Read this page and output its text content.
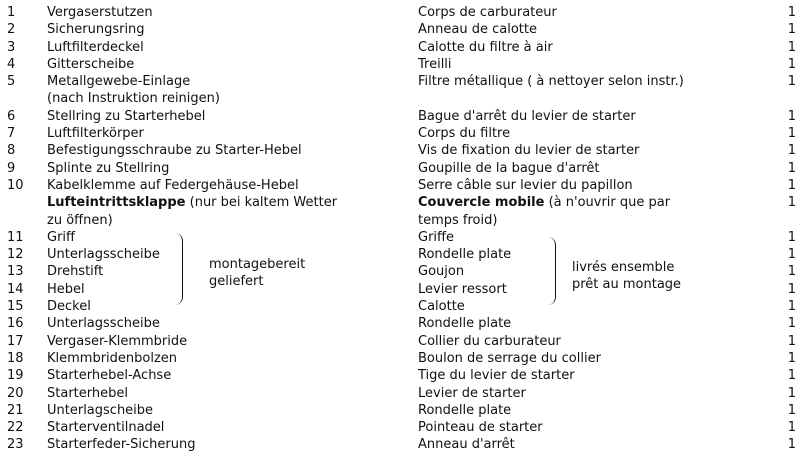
1
2
3
4
5
6
7
8
9
10
11
12
13
14
15
16
17
18
19
20
21
22
23
Vergaserstutzen
Sicherungsring
Luftfilterdeckel
Gitterscheibe
Metallgewebe-Einlage
(nach Instruktion reinigen)
Stellring zu Starterhebel
Luftfilterkörper
Befestigungsschraube zu Starter-Hebel
Splinte zu Stellring
Kabelklemme auf Federgehäuse-Hebel
Lufteintrittsklappe (nur bei kaltem Wetter
zu öffnen)
Griff
Unterlagsscheibe
Drehstift
Hebel
Deckel
Unterlagsscheibe
Vergaser-Klemmbride
Klemmbridenbolzen
Starterhebel-Achse
Starterhebel
Unterlagscheibe
Starterventilnadel
Starterfeder-Sicherung
Corps de carburateur
Anneau de calotte
Calotte du filtre à air
Treilli
Filtre métallique ( à nettoyer selon instr.)
Bague d'arrêt du levier de starter
Corps du filtre
Vis de fixation du levier de starter
Goupille de la bague d'arrêt
Serre câble sur levier du papillon
Couvercle mobile (à n'ouvrir que par
temps froid)
Griffe
Rondelle plate
Goujon
Levier ressort
Calotte
Rondelle plate
Collier du carburateur
Boulon de serrage du collier
Tige du levier de starter
Levier de starter
Rondelle plate
Pointeau de starter
Anneau d'arrêt
1
1
1
1
1
1
1
1
1
1
1
1
1
1
1
1
1
1
1
1
1
1
1
1
montagebereit
geliefert
livrés ensemble
prêt au montage
